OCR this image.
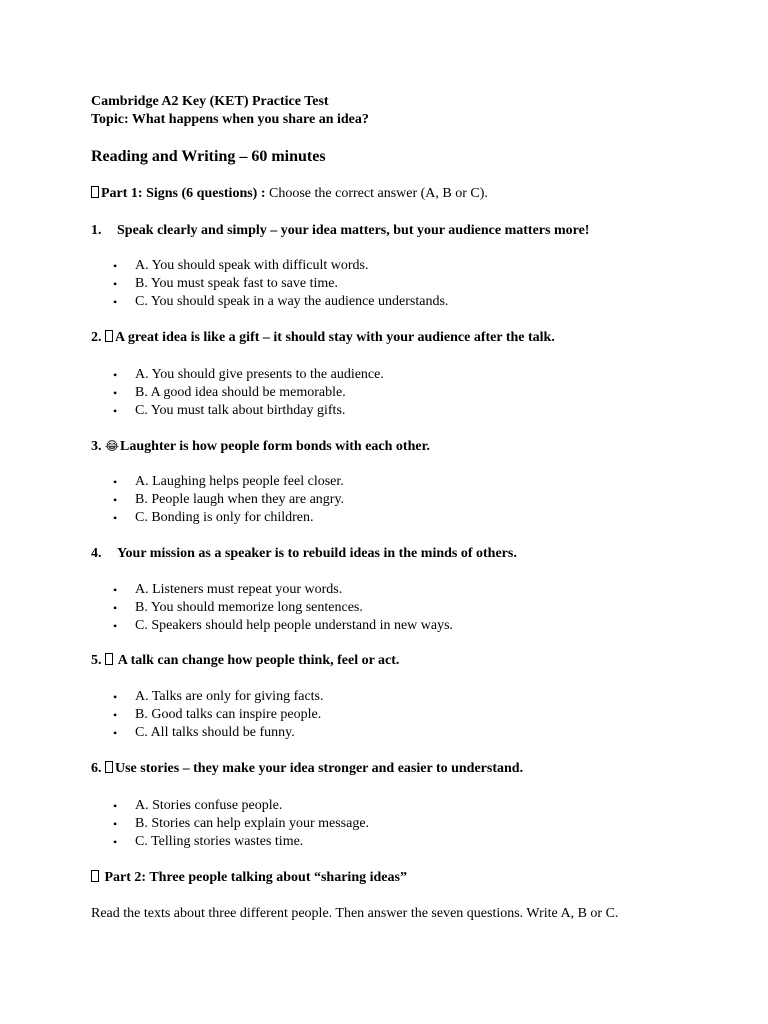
Cambridge A2 Key (KET) Practice Test
Topic: What happens when you share an idea?
Reading and Writing – 60 minutes
Part 1: Signs (6 questions) : Choose the correct answer (A, B or C).
1. Speak clearly and simply – your idea matters, but your audience matters more!
• A. You should speak with difficult words.
• B. You must speak fast to save time.
• C. You should speak in a way the audience understands.
2. A great idea is like a gift – it should stay with your audience after the talk.
• A. You should give presents to the audience.
• B. A good idea should be memorable.
• C. You must talk about birthday gifts.
3. 😂Laughter is how people form bonds with each other.
• A. Laughing helps people feel closer.
• B. People laugh when they are angry.
• C. Bonding is only for children.
4. Your mission as a speaker is to rebuild ideas in the minds of others.
• A. Listeners must repeat your words.
• B. You should memorize long sentences.
• C. Speakers should help people understand in new ways.
5. A talk can change how people think, feel or act.
• A. Talks are only for giving facts.
• B. Good talks can inspire people.
• C. All talks should be funny.
6. Use stories – they make your idea stronger and easier to understand.
• A. Stories confuse people.
• B. Stories can help explain your message.
• C. Telling stories wastes time.
Part 2: Three people talking about “sharing ideas”
Read the texts about three different people. Then answer the seven questions. Write A, B or C.
